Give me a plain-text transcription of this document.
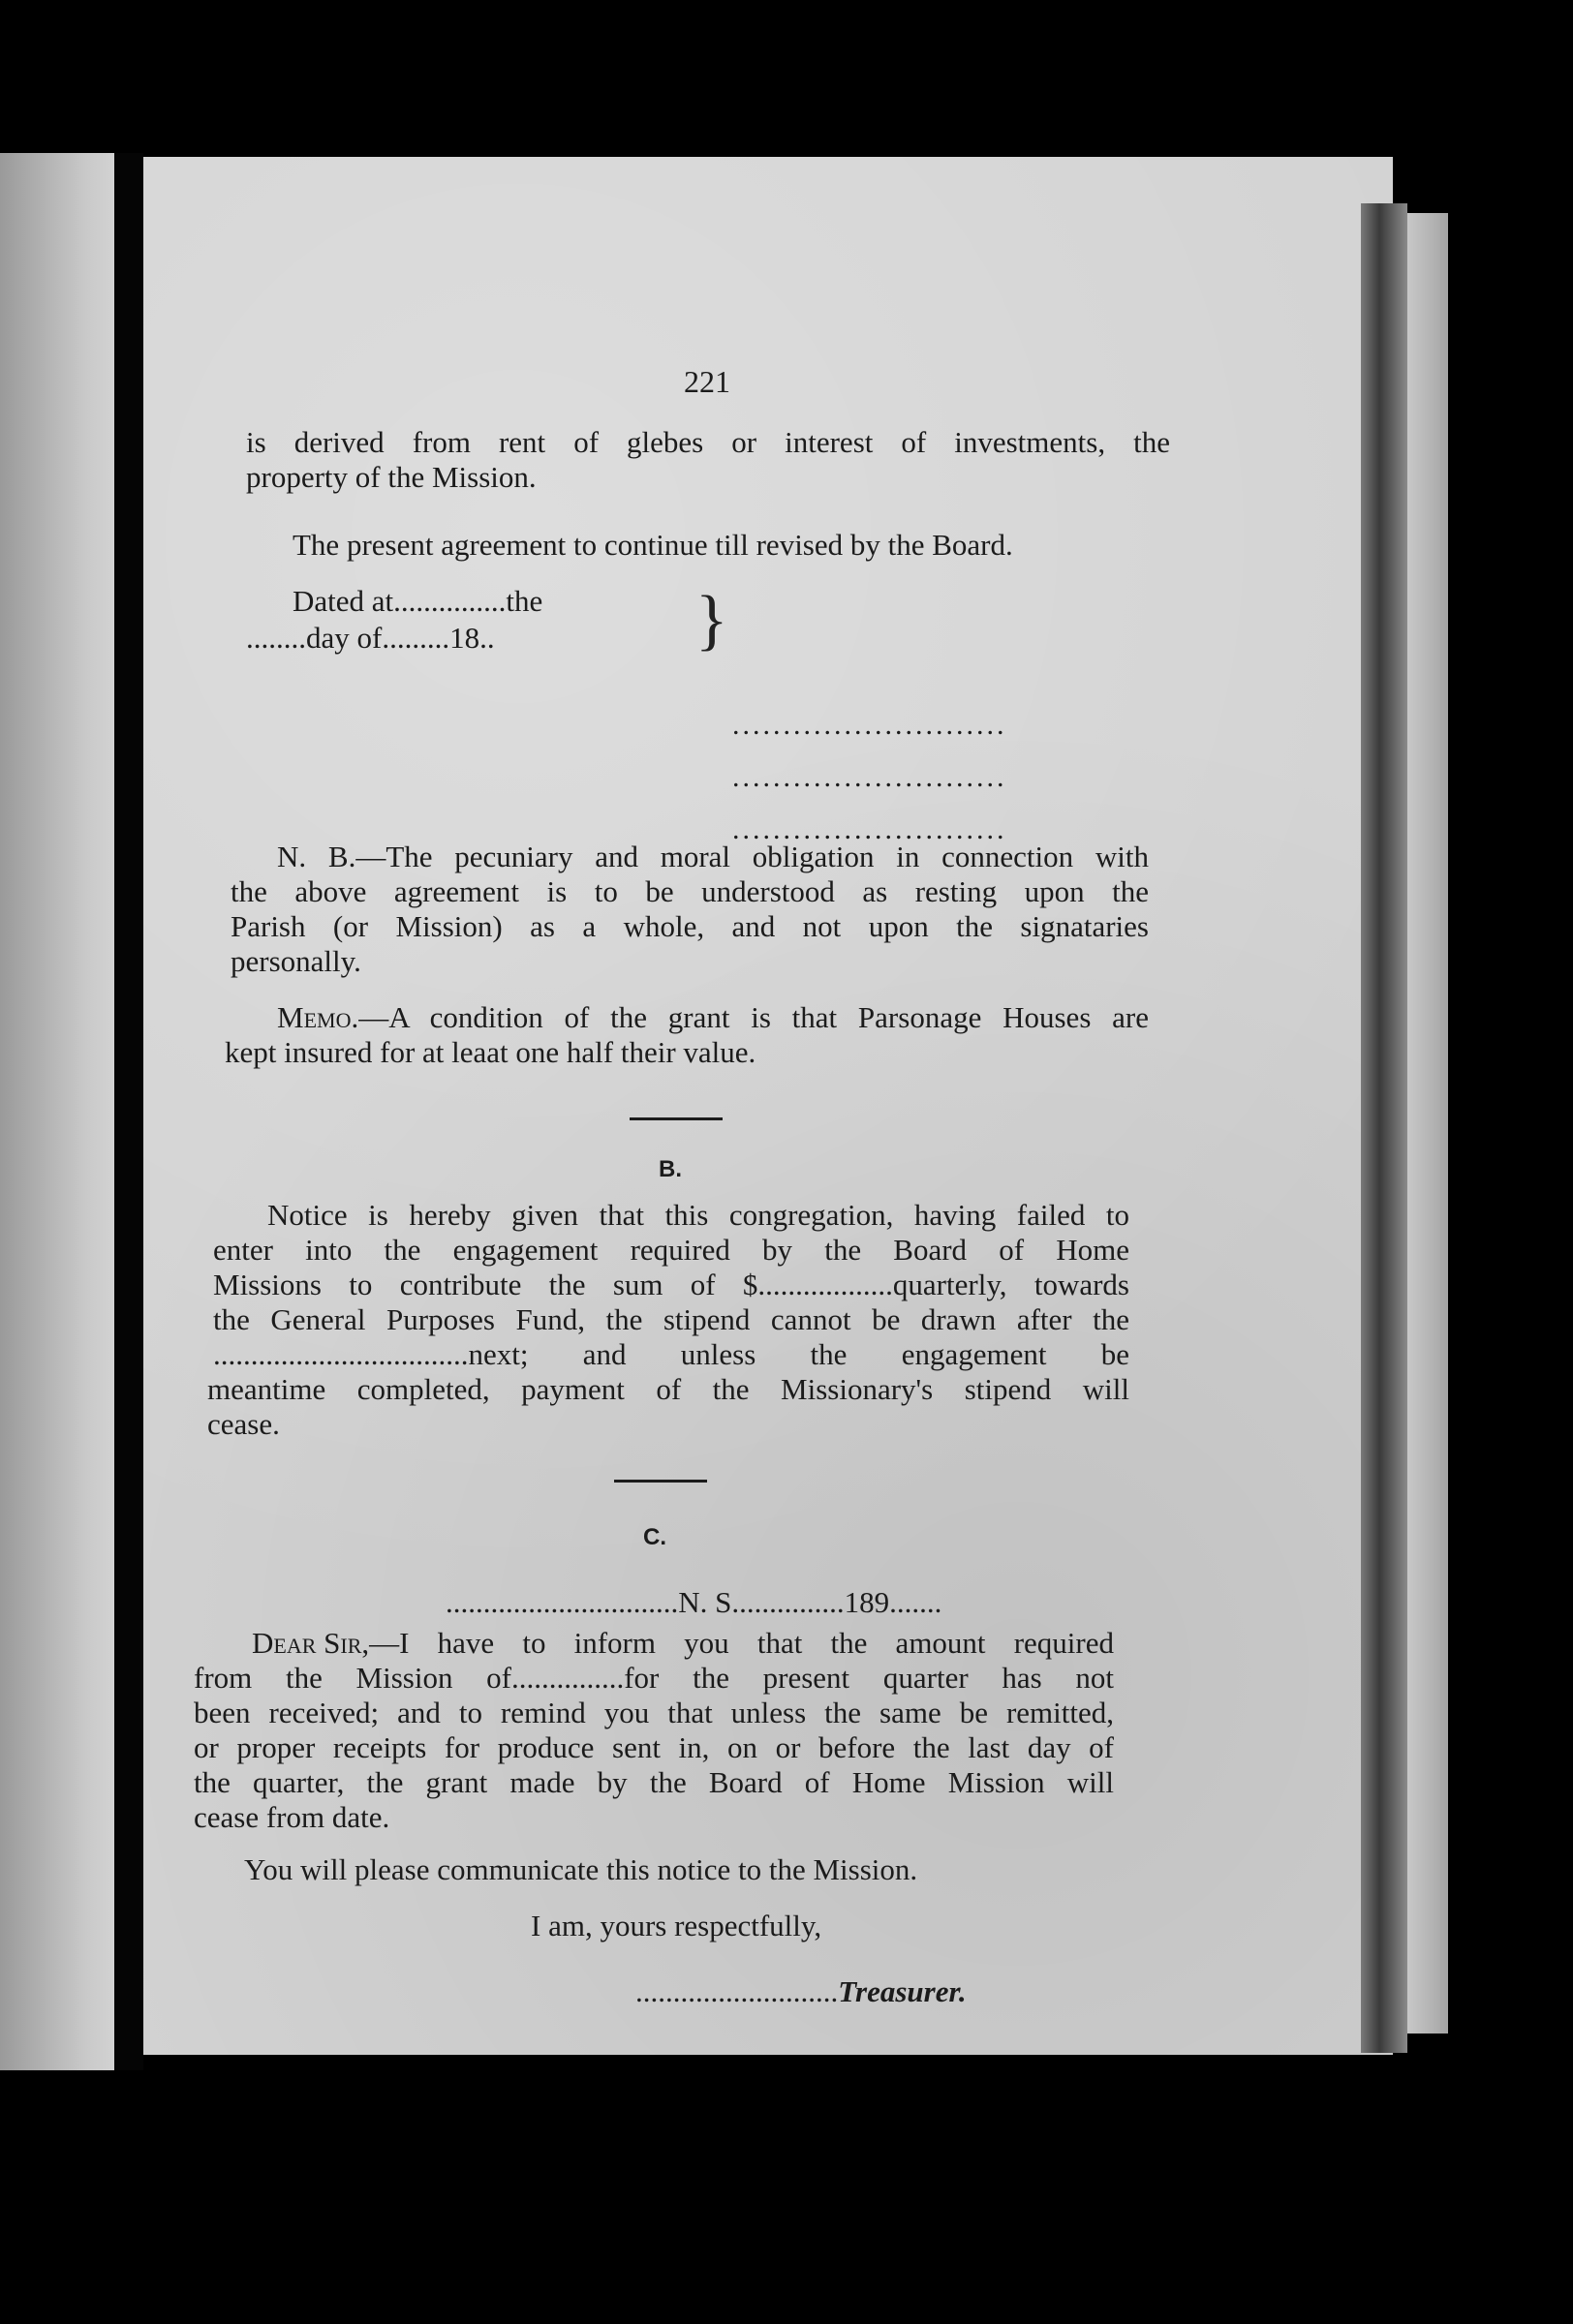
221
is derived from rent of glebes or interest of investments, the
property of the Mission.
The present agreement to continue till revised by the Board.
Dated at...............the
........day of.........18..	}
...........................
...........................
...........................
N. B.—The pecuniary and moral obligation in connection with
the above agreement is to be understood as resting upon the
Parish (or Mission) as a whole, and not upon the signataries
personally.
Memo. —A condition of the grant is that Parsonage Houses are
kept insured for at leaat one half their value.
B.
Notice is hereby given that this congregation, having failed to
enter into the engagement required by the Board of Home
Missions to contribute the sum of $..................quarterly, towards
the General Purposes Fund, the stipend cannot be drawn after the
..................................next; and unless the engagement be
meantime completed, payment of the Missionary's stipend will
cease.
C.
...............................N. S...............189.......
Dear Sir, —I have to inform you that the amount required
from the Mission of...............for the present quarter has not
been received; and to remind you that unless the same be remitted,
or proper receipts for produce sent in, on or before the last day of
the quarter, the grant made by the Board of Home Mission will
cease from date.
You will please communicate this notice to the Mission.
I am, yours respectfully,
...........................Treasurer.
